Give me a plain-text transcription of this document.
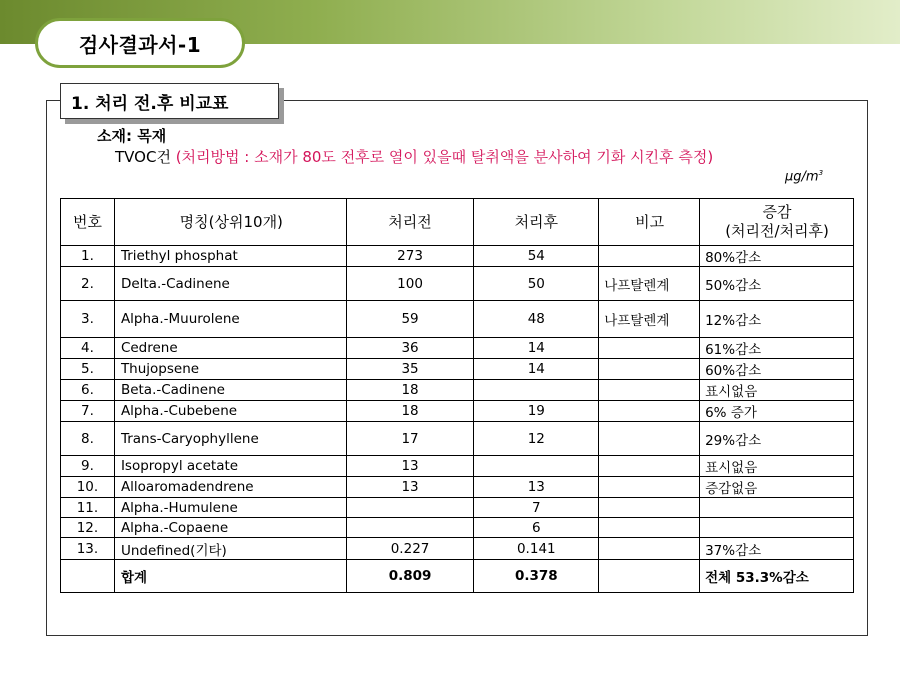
검사결과서-1
1. 처리 전.후 비교표
소재: 목재
TVOC건 (처리방법 : 소재가 80도 전후로 열이 있을때 탈취액을 분사하여 기화 시킨후 측정)
$\mu g/m^3$
번호	명칭(상위10개)	처리전	처리후	비고	증감
(처리전/처리후)
1.	Triethyl phosphat	273	54		80%감소
2.	Delta.-Cadinene	100	50	나프탈렌계	50%감소
3.	Alpha.-Muurolene	59	48	나프탈렌계	12%감소
4.	Cedrene	36	14		61%감소
5.	Thujopsene	35	14		60%감소
6.	Beta.-Cadinene	18			표시없음
7.	Alpha.-Cubebene	18	19		6% 증가
8.	Trans-Caryophyllene	17	12		29%감소
9.	Isopropyl acetate	13			표시없음
10.	Alloaromadendrene	13	13		증감없음
11.	Alpha.-Humulene		7		
12.	Alpha.-Copaene		6		
13.	Undefined(기타)	0.227	0.141		37%감소
	합계	0.809	0.378		전체 53.3%감소
